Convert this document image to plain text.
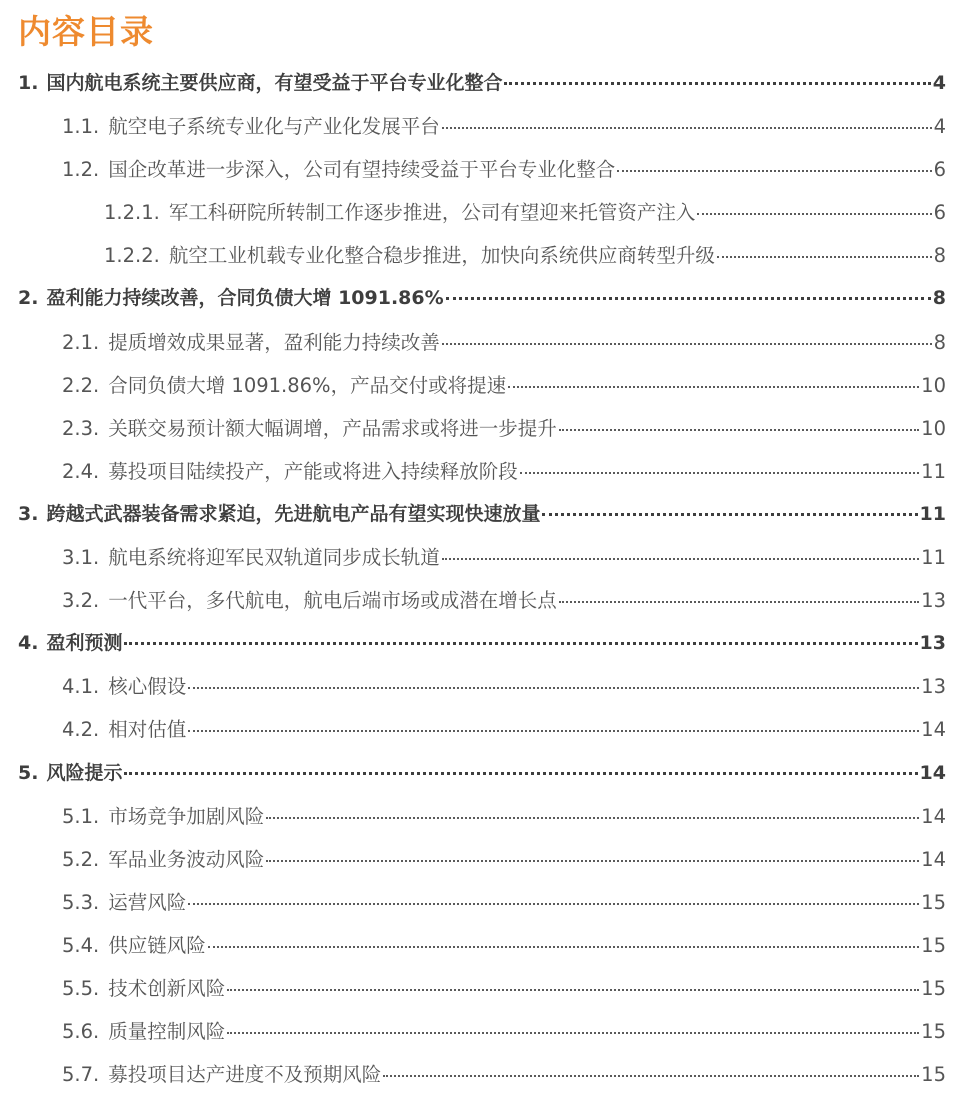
内容目录
1. 国内航电系统主要供应商，有望受益于平台专业化整合	4
1.1. 航空电子系统专业化与产业化发展平台	4
1.2. 国企改革进一步深入，公司有望持续受益于平台专业化整合	6
1.2.1. 军工科研院所转制工作逐步推进，公司有望迎来托管资产注入	6
1.2.2. 航空工业机载专业化整合稳步推进，加快向系统供应商转型升级	8
2. 盈利能力持续改善，合同负债大增 1091.86%	8
2.1. 提质增效成果显著，盈利能力持续改善	8
2.2. 合同负债大增 1091.86%，产品交付或将提速	10
2.3. 关联交易预计额大幅调增，产品需求或将进一步提升	10
2.4. 募投项目陆续投产，产能或将进入持续释放阶段	11
3. 跨越式武器装备需求紧迫，先进航电产品有望实现快速放量	11
3.1. 航电系统将迎军民双轨道同步成长轨道	11
3.2. 一代平台，多代航电，航电后端市场或成潜在增长点	13
4. 盈利预测	13
4.1. 核心假设	13
4.2. 相对估值	14
5. 风险提示	14
5.1. 市场竞争加剧风险	14
5.2. 军品业务波动风险	14
5.3. 运营风险	15
5.4. 供应链风险	15
5.5. 技术创新风险	15
5.6. 质量控制风险	15
5.7. 募投项目达产进度不及预期风险	15
